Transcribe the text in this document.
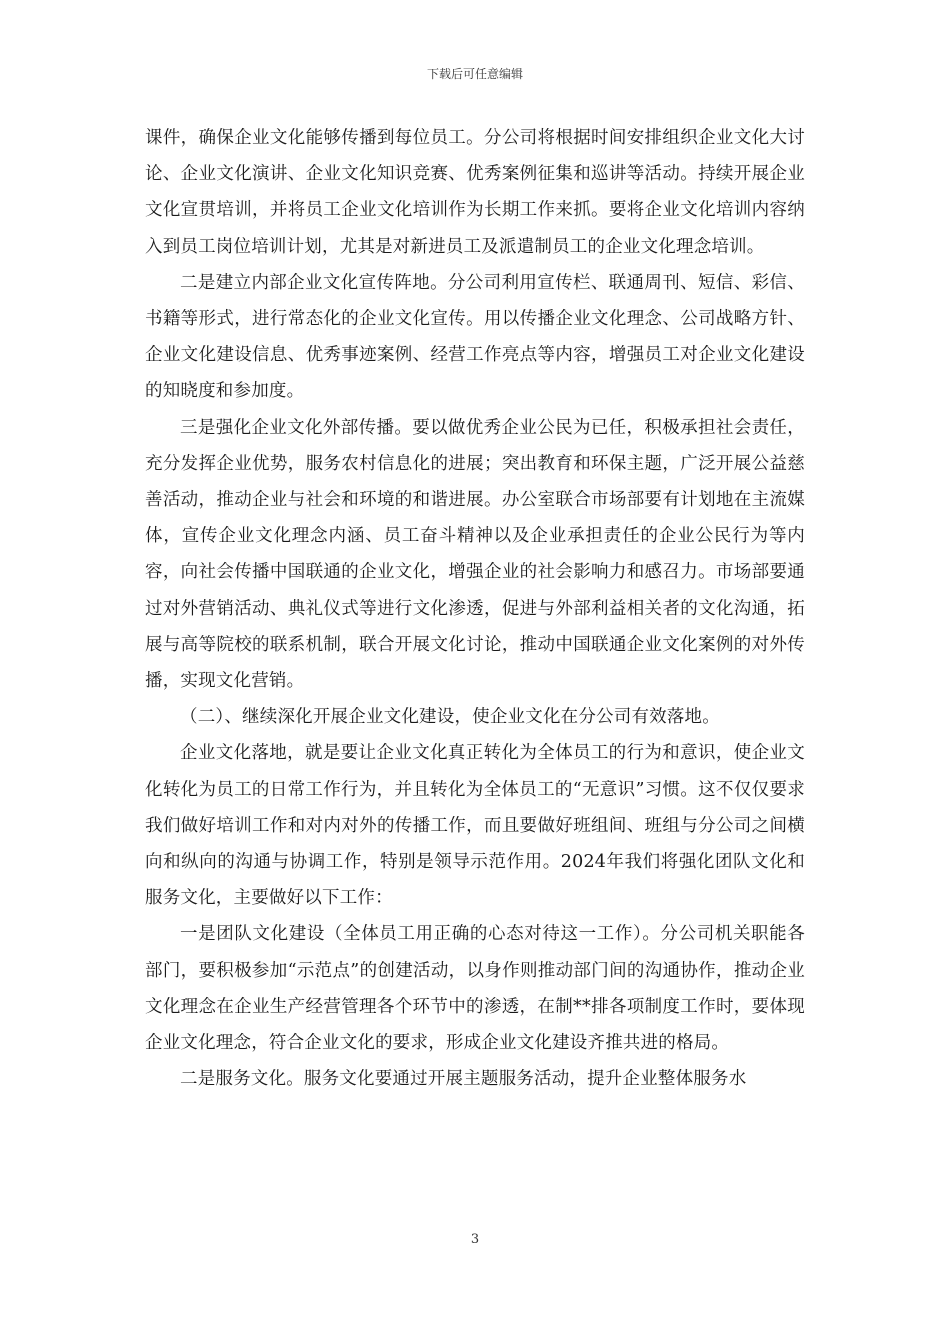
下载后可任意编辑

课件，确保企业文化能够传播到每位员工。分公司将根据时间安排组织企业文化大讨论、企业文化演讲、企业文化知识竞赛、优秀案例征集和巡讲等活动。持续开展企业文化宣贯培训，并将员工企业文化培训作为长期工作来抓。要将企业文化培训内容纳入到员工岗位培训计划，尤其是对新进员工及派遣制员工的企业文化理念培训。

二是建立内部企业文化宣传阵地。分公司利用宣传栏、联通周刊、短信、彩信、书籍等形式，进行常态化的企业文化宣传。用以传播企业文化理念、公司战略方针、企业文化建设信息、优秀事迹案例、经营工作亮点等内容，增强员工对企业文化建设的知晓度和参加度。

三是强化企业文化外部传播。要以做优秀企业公民为已任，积极承担社会责任，充分发挥企业优势，服务农村信息化的进展；突出教育和环保主题，广泛开展公益慈善活动，推动企业与社会和环境的和谐进展。办公室联合市场部要有计划地在主流媒体，宣传企业文化理念内涵、员工奋斗精神以及企业承担责任的企业公民行为等内容，向社会传播中国联通的企业文化，增强企业的社会影响力和感召力。市场部要通过对外营销活动、典礼仪式等进行文化渗透，促进与外部利益相关者的文化沟通，拓展与高等院校的联系机制，联合开展文化讨论，推动中国联通企业文化案例的对外传播，实现文化营销。

（二）、继续深化开展企业文化建设，使企业文化在分公司有效落地。

企业文化落地，就是要让企业文化真正转化为全体员工的行为和意识，使企业文化转化为员工的日常工作行为，并且转化为全体员工的“无意识”习惯。这不仅仅要求我们做好培训工作和对内对外的传播工作，而且要做好班组间、班组与分公司之间横向和纵向的沟通与协调工作，特别是领导示范作用。2024年我们将强化团队文化和服务文化，主要做好以下工作：

一是团队文化建设（全体员工用正确的心态对待这一工作）。分公司机关职能各部门，要积极参加“示范点”的创建活动，以身作则推动部门间的沟通协作，推动企业文化理念在企业生产经营管理各个环节中的渗透，在制**排各项制度工作时，要体现企业文化理念，符合企业文化的要求，形成企业文化建设齐推共进的格局。

二是服务文化。服务文化要通过开展主题服务活动，提升企业整体服务水

3
